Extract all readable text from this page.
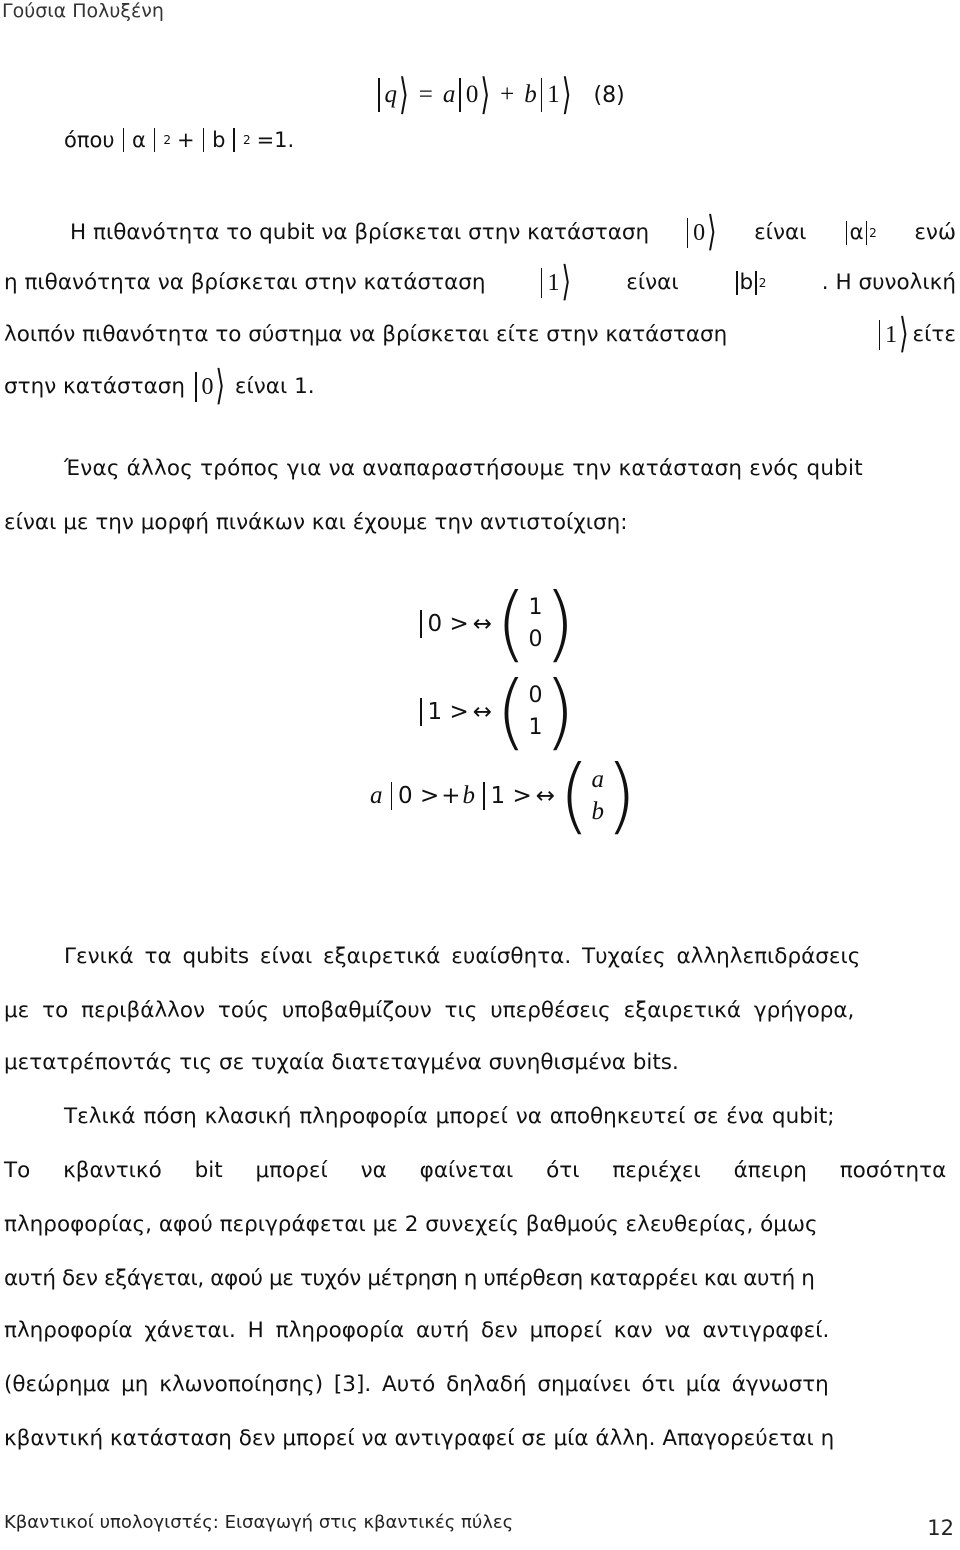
Γούσια Πολυξένη
q ⟩ = a 0 ⟩ + b 1 ⟩ (8)
όπου α 2 + b 2 =1.
Η πιθανότητα το qubit να βρίσκεται στην κατάσταση 0 ⟩ είναι α 2 ενώ
η πιθανότητα να βρίσκεται στην κατάσταση	1 ⟩	είναι	b 2	. Η συνολική
λοιπόν πιθανότητα το σύστημα να βρίσκεται είτε στην κατάσταση	1 ⟩ είτε
στην κατάσταση 0 ⟩ είναι 1.
Ένας άλλος τρόπος για να αναπαραστήσουμε την κατάσταση ενός qubit
είναι με την μορφή πινάκων και έχουμε την αντιστοίχιση:
0 > ↔ ( 1
0 )
1 > ↔ ( 0
1 )
a 0 > + b 1 > ↔ ( a
b )
Γενικά τα qubits είναι εξαιρετικά ευαίσθητα. Τυχαίες αλληλεπιδράσεις
με το περιβάλλον τούς υποβαθμίζουν τις υπερθέσεις εξαιρετικά γρήγορα,
μετατρέποντάς τις σε τυχαία διατεταγμένα συνηθισμένα bits.
Τελικά πόση κλασική πληροφορία μπορεί να αποθηκευτεί σε ένα qubit;
Το κβαντικό bit μπορεί να φαίνεται ότι περιέχει άπειρη ποσότητα
πληροφορίας, αφού περιγράφεται με 2 συνεχείς βαθμούς ελευθερίας, όμως
αυτή δεν εξάγεται, αφού με τυχόν μέτρηση η υπέρθεση καταρρέει και αυτή η
πληροφορία χάνεται. Η πληροφορία αυτή δεν μπορεί καν να αντιγραφεί.
(θεώρημα μη κλωνοποίησης) [3]. Αυτό δηλαδή σημαίνει ότι μία άγνωστη
κβαντική κατάσταση δεν μπορεί να αντιγραφεί σε μία άλλη. Απαγορεύεται η
Κβαντικοί υπολογιστές: Εισαγωγή στις κβαντικές πύλες	12
